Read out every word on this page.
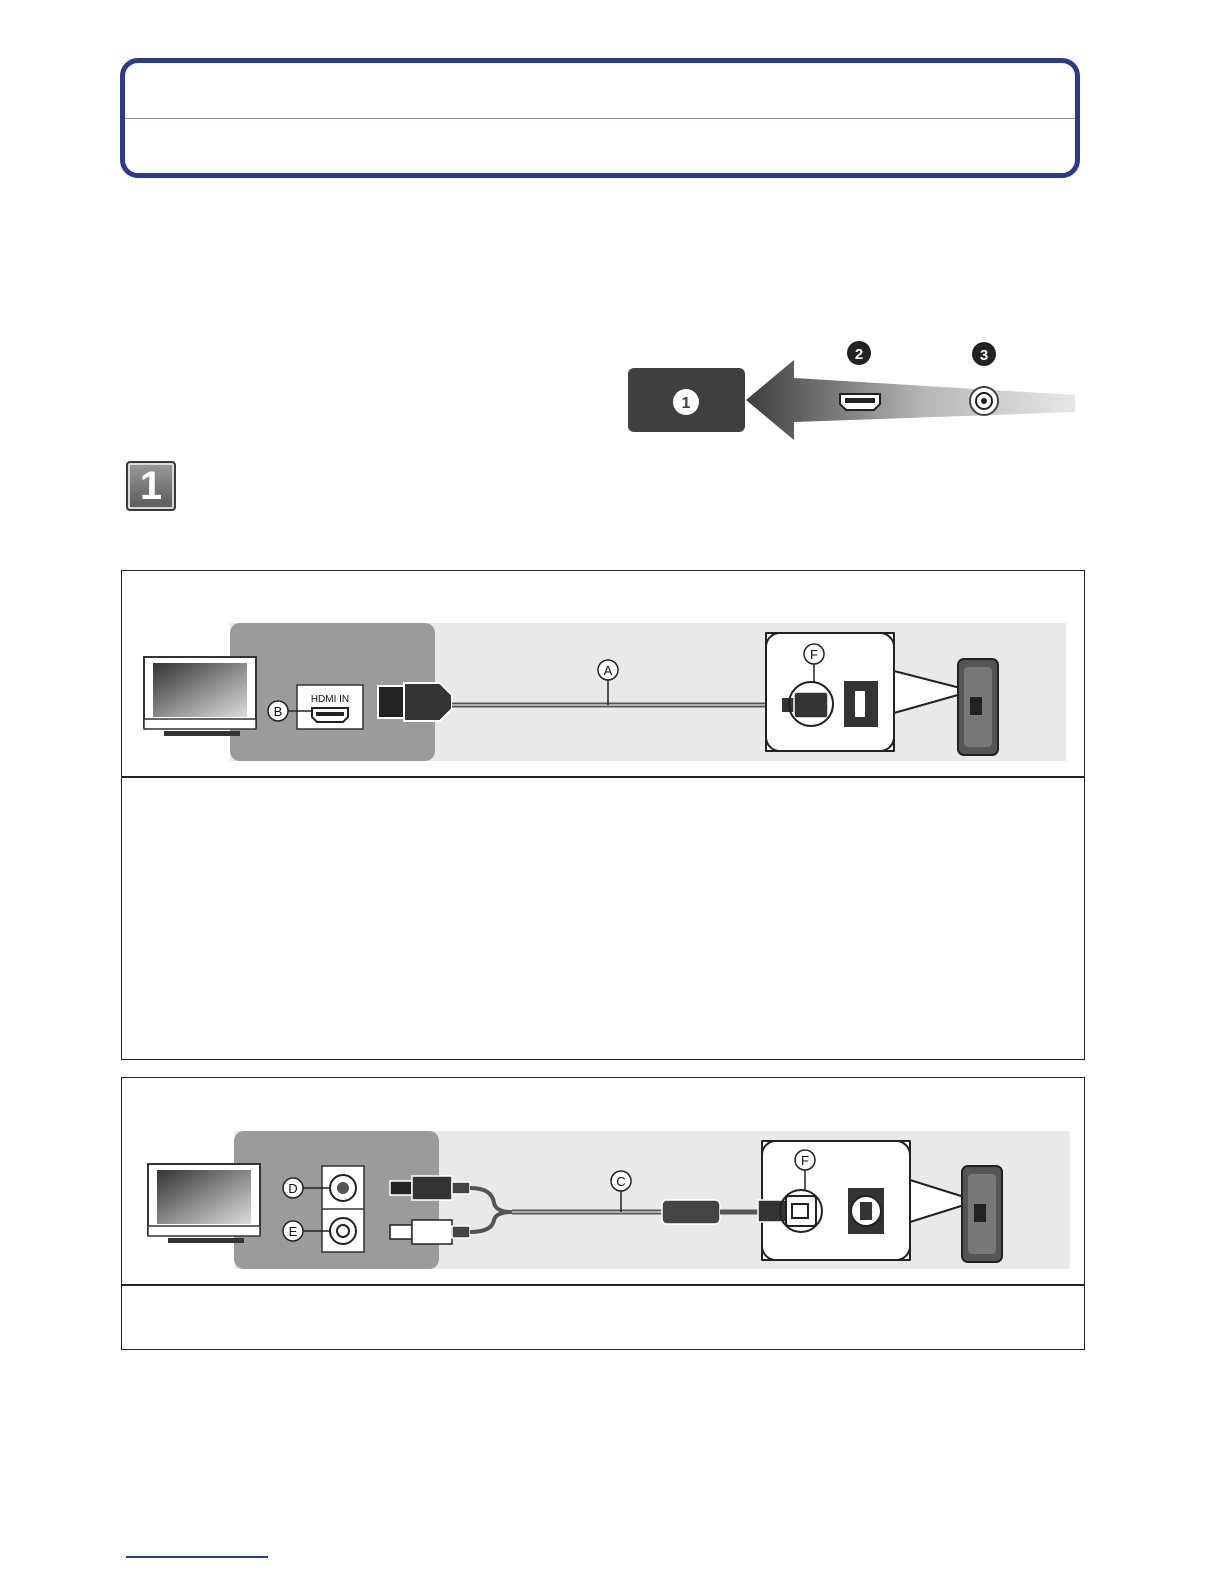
1
2	3
1
HDMI IN
B
A
F
D
E
C
F
